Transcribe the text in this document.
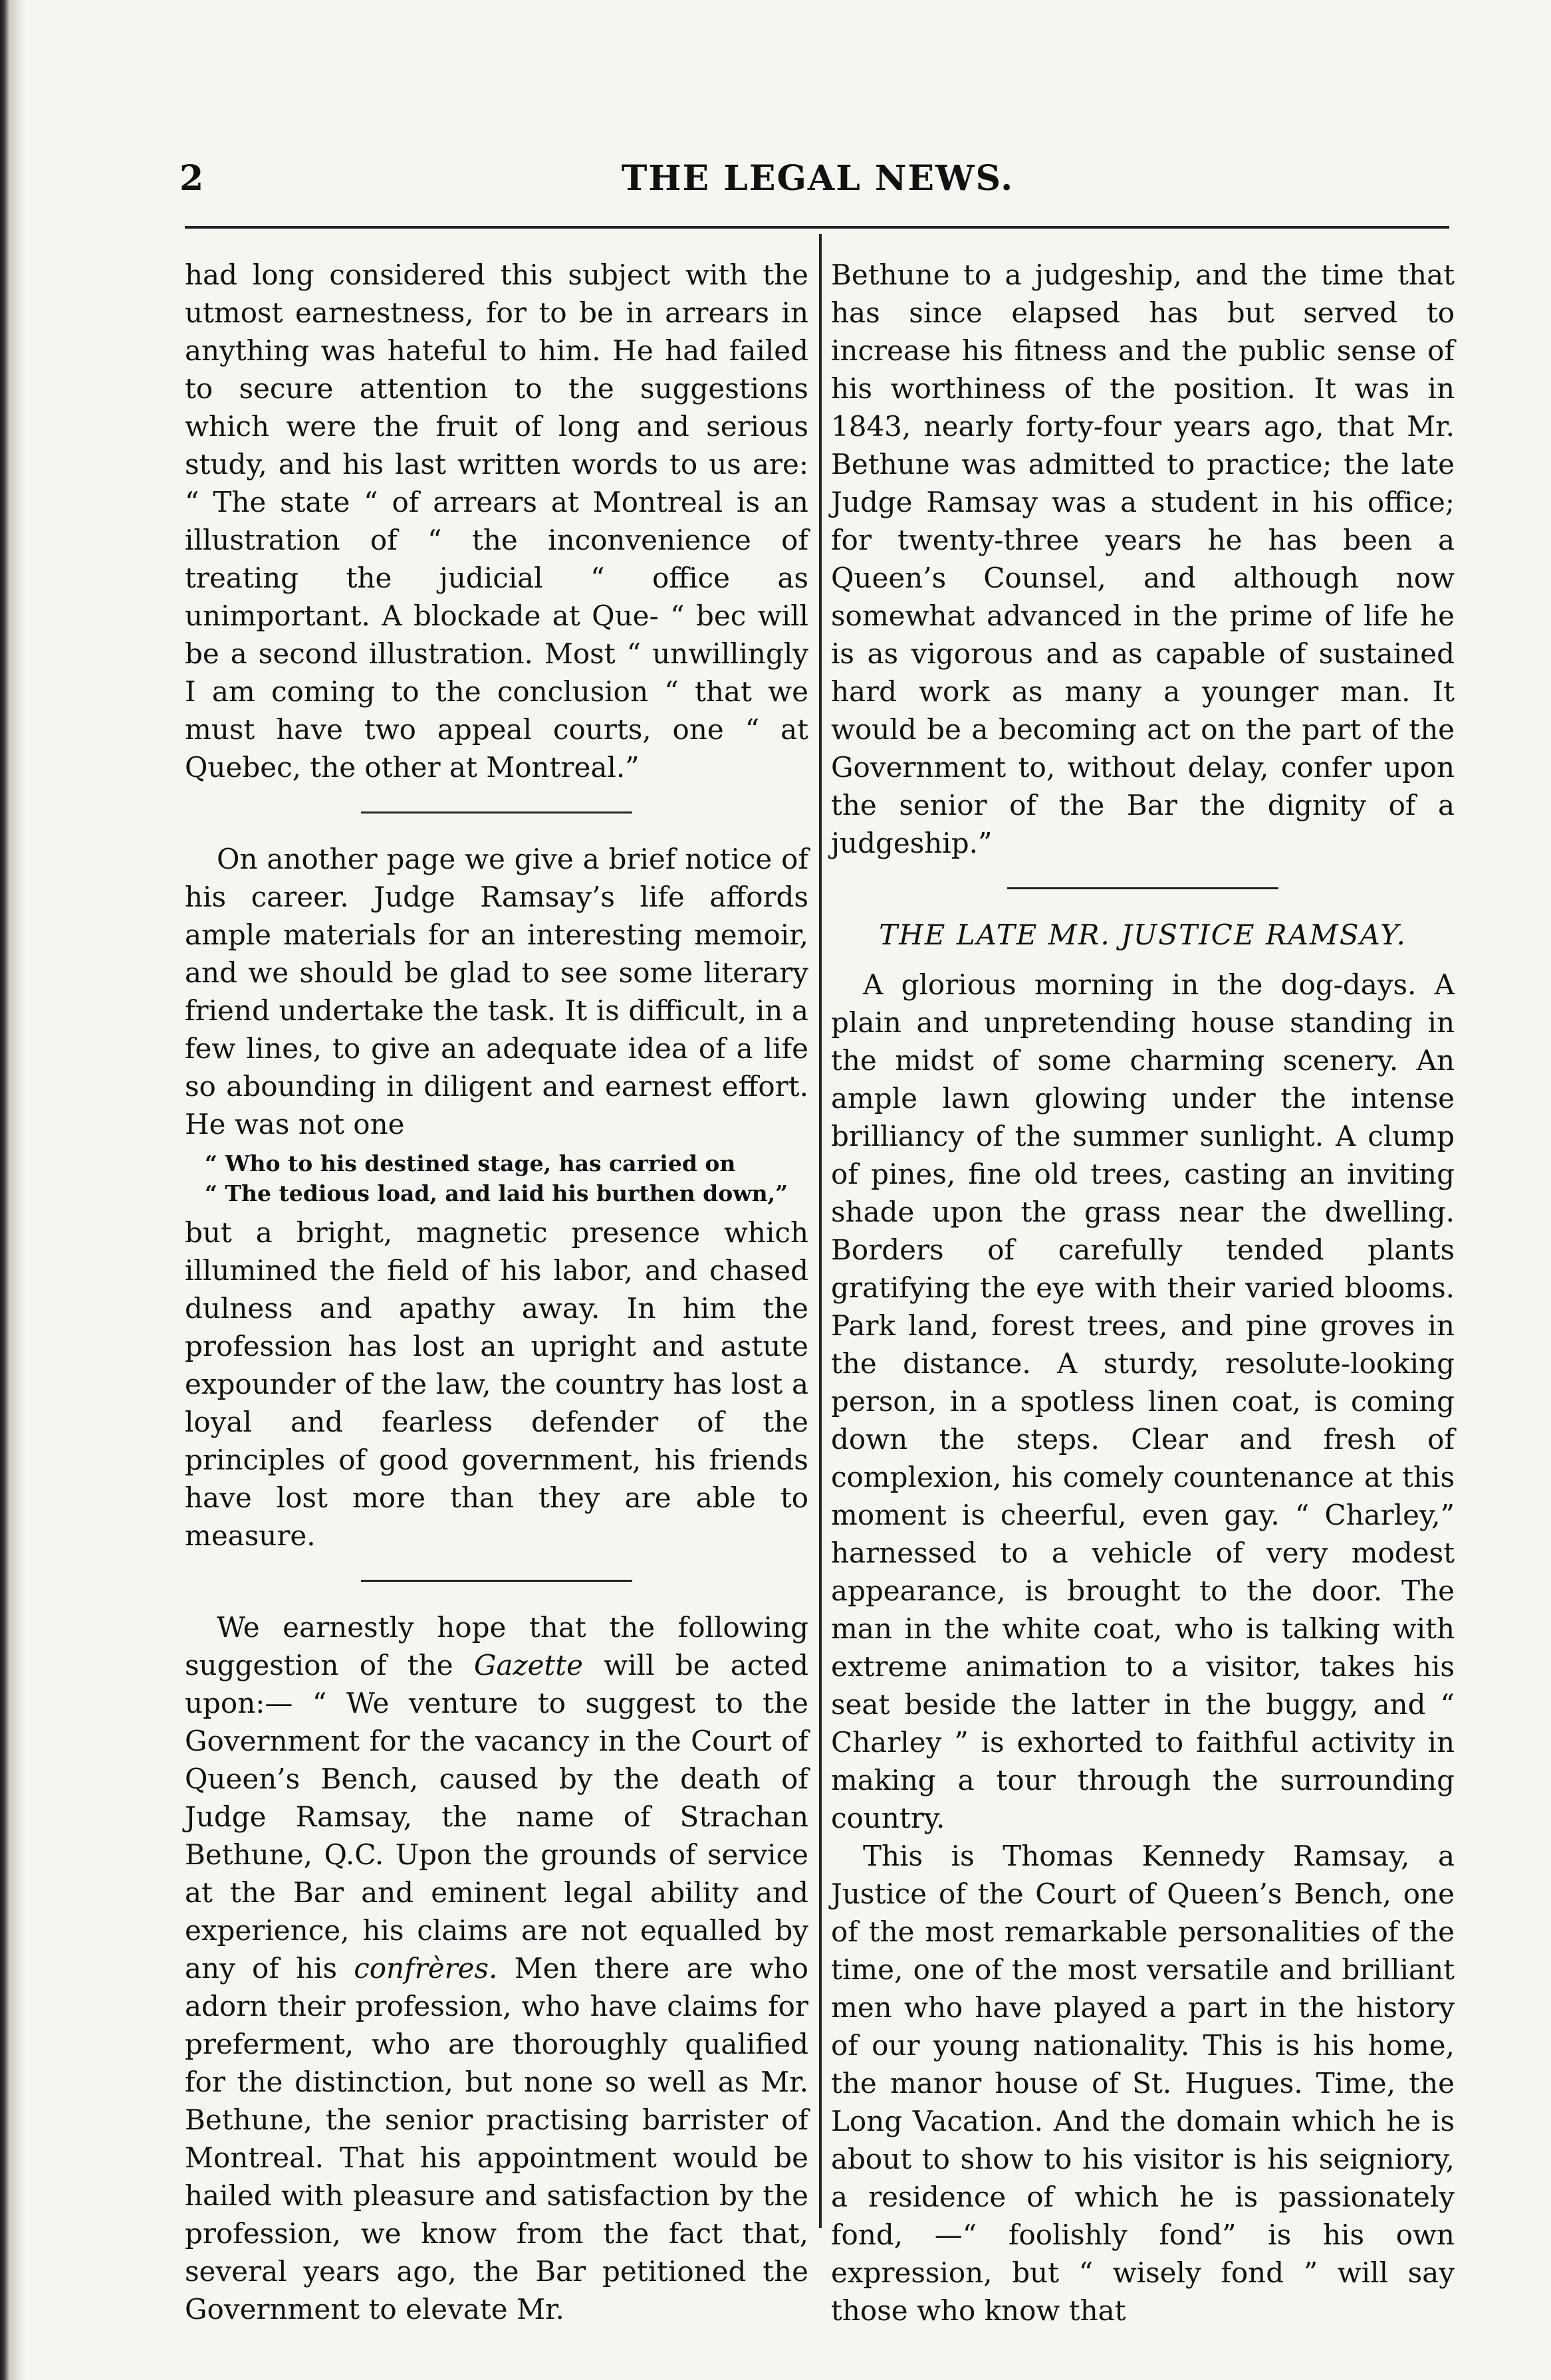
2	THE LEGAL NEWS.

had long considered this subject with the utmost earnestness, for to be in arrears in anything was hateful to him. He had failed to secure attention to the suggestions which were the fruit of long and serious study, and his last written words to us are: “ The state “ of arrears at Montreal is an illustration of “ the inconvenience of treating the judicial “ office as unimportant. A blockade at Que- “ bec will be a second illustration. Most “ unwillingly I am coming to the conclusion “ that we must have two appeal courts, one “ at Quebec, the other at Montreal.”

On another page we give a brief notice of his career. Judge Ramsay’s life affords ample materials for an interesting memoir, and we should be glad to see some literary friend undertake the task. It is difficult, in a few lines, to give an adequate idea of a life so abounding in diligent and earnest effort. He was not one

“ Who to his destined stage, has carried on
“ The tedious load, and laid his burthen down,”

but a bright, magnetic presence which illumined the field of his labor, and chased dulness and apathy away. In him the profession has lost an upright and astute expounder of the law, the country has lost a loyal and fearless defender of the principles of good government, his friends have lost more than they are able to measure.

We earnestly hope that the following suggestion of the Gazette will be acted upon:— “ We venture to suggest to the Government for the vacancy in the Court of Queen’s Bench, caused by the death of Judge Ramsay, the name of Strachan Bethune, Q.C. Upon the grounds of service at the Bar and eminent legal ability and experience, his claims are not equalled by any of his confrères. Men there are who adorn their profession, who have claims for preferment, who are thoroughly qualified for the distinction, but none so well as Mr. Bethune, the senior practising barrister of Montreal. That his appointment would be hailed with pleasure and satisfaction by the profession, we know from the fact that, several years ago, the Bar petitioned the Government to elevate Mr.

Bethune to a judgeship, and the time that has since elapsed has but served to increase his fitness and the public sense of his worthiness of the position. It was in 1843, nearly forty-four years ago, that Mr. Bethune was admitted to practice; the late Judge Ramsay was a student in his office; for twenty-three years he has been a Queen’s Counsel, and although now somewhat advanced in the prime of life he is as vigorous and as capable of sustained hard work as many a younger man. It would be a becoming act on the part of the Government to, without delay, confer upon the senior of the Bar the dignity of a judgeship.”

THE LATE MR. JUSTICE RAMSAY.

A glorious morning in the dog-days. A plain and unpretending house standing in the midst of some charming scenery. An ample lawn glowing under the intense brilliancy of the summer sunlight. A clump of pines, fine old trees, casting an inviting shade upon the grass near the dwelling. Borders of carefully tended plants gratifying the eye with their varied blooms. Park land, forest trees, and pine groves in the distance. A sturdy, resolute-looking person, in a spotless linen coat, is coming down the steps. Clear and fresh of complexion, his comely countenance at this moment is cheerful, even gay. “ Charley,” harnessed to a vehicle of very modest appearance, is brought to the door. The man in the white coat, who is talking with extreme animation to a visitor, takes his seat beside the latter in the buggy, and “ Charley ” is exhorted to faithful activity in making a tour through the surrounding country.

This is Thomas Kennedy Ramsay, a Justice of the Court of Queen’s Bench, one of the most remarkable personalities of the time, one of the most versatile and brilliant men who have played a part in the history of our young nationality. This is his home, the manor house of St. Hugues. Time, the Long Vacation. And the domain which he is about to show to his visitor is his seigniory, a residence of which he is passionately fond, —“ foolishly fond” is his own expression, but “ wisely fond ” will say those who know that
